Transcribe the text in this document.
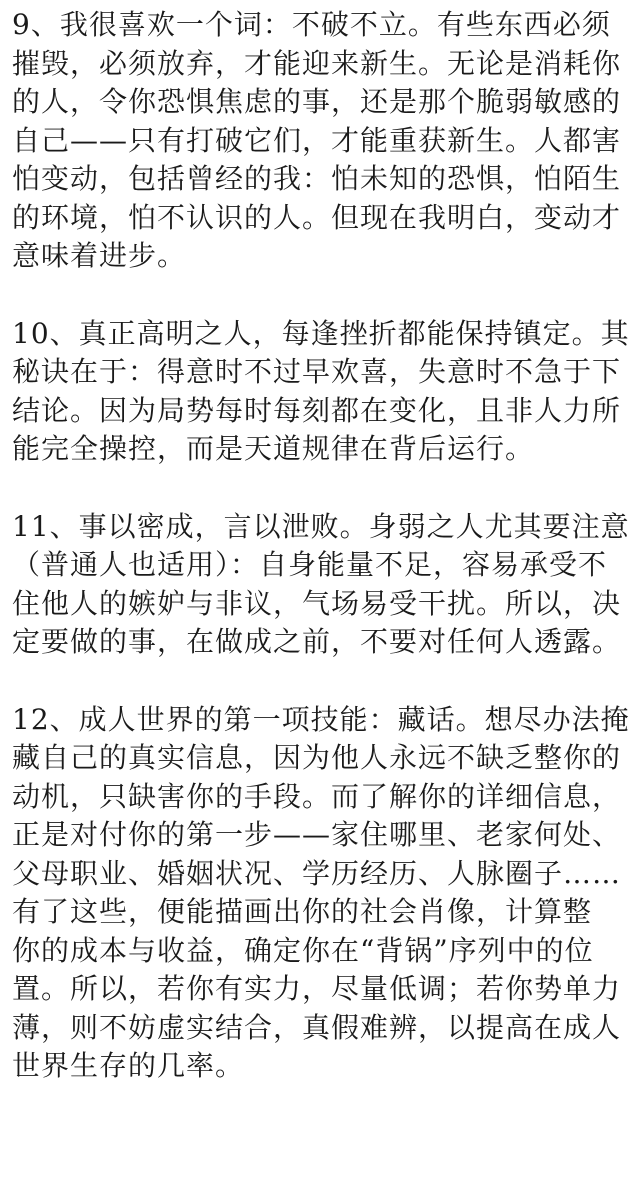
9、我很喜欢一个词：不破不立。有些东西必须
摧毁，必须放弃，才能迎来新生。无论是消耗你
的人，令你恐惧焦虑的事，还是那个脆弱敏感的
自己——只有打破它们，才能重获新生。人都害
怕变动，包括曾经的我：怕未知的恐惧，怕陌生
的环境，怕不认识的人。但现在我明白，变动才
意味着进步。
10、真正高明之人，每逢挫折都能保持镇定。其
秘诀在于：得意时不过早欢喜，失意时不急于下
结论。因为局势每时每刻都在变化，且非人力所
能完全操控，而是天道规律在背后运行。
11、事以密成，言以泄败。身弱之人尤其要注意
（普通人也适用）：自身能量不足，容易承受不
住他人的嫉妒与非议，气场易受干扰。所以，决
定要做的事，在做成之前，不要对任何人透露。
12、成人世界的第一项技能：藏话。想尽办法掩
藏自己的真实信息，因为他人永远不缺乏整你的
动机，只缺害你的手段。而了解你的详细信息，
正是对付你的第一步——家住哪里、老家何处、
父母职业、婚姻状况、学历经历、人脉圈子……
有了这些，便能描画出你的社会肖像，计算整
你的成本与收益，确定你在“背锅”序列中的位
置。所以，若你有实力，尽量低调；若你势单力
薄，则不妨虚实结合，真假难辨，以提高在成人
世界生存的几率。
